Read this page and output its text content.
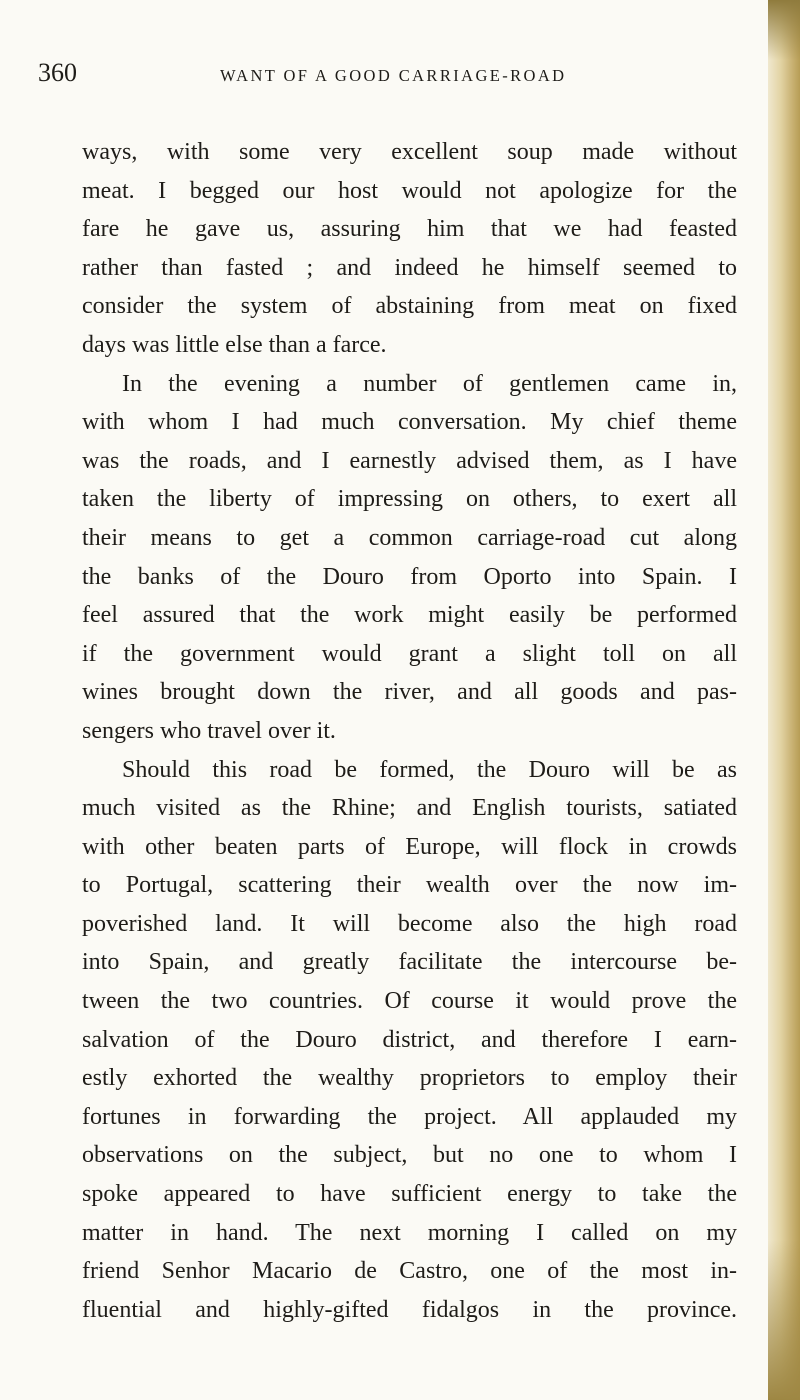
360	WANT OF A GOOD CARRIAGE-ROAD
ways, with some very excellent soup made without
meat. I begged our host would not apologize for the
fare he gave us, assuring him that we had feasted
rather than fasted ; and indeed he himself seemed to
consider the system of abstaining from meat on fixed
days was little else than a farce.
In the evening a number of gentlemen came in,
with whom I had much conversation. My chief theme
was the roads, and I earnestly advised them, as I have
taken the liberty of impressing on others, to exert all
their means to get a common carriage-road cut along
the banks of the Douro from Oporto into Spain. I
feel assured that the work might easily be performed
if the government would grant a slight toll on all
wines brought down the river, and all goods and pas-
sengers who travel over it.
Should this road be formed, the Douro will be as
much visited as the Rhine; and English tourists, satiated
with other beaten parts of Europe, will flock in crowds
to Portugal, scattering their wealth over the now im-
poverished land. It will become also the high road
into Spain, and greatly facilitate the intercourse be-
tween the two countries. Of course it would prove the
salvation of the Douro district, and therefore I earn-
estly exhorted the wealthy proprietors to employ their
fortunes in forwarding the project. All applauded my
observations on the subject, but no one to whom I
spoke appeared to have sufficient energy to take the
matter in hand. The next morning I called on my
friend Senhor Macario de Castro, one of the most in-
fluential and highly-gifted fidalgos in the province.
